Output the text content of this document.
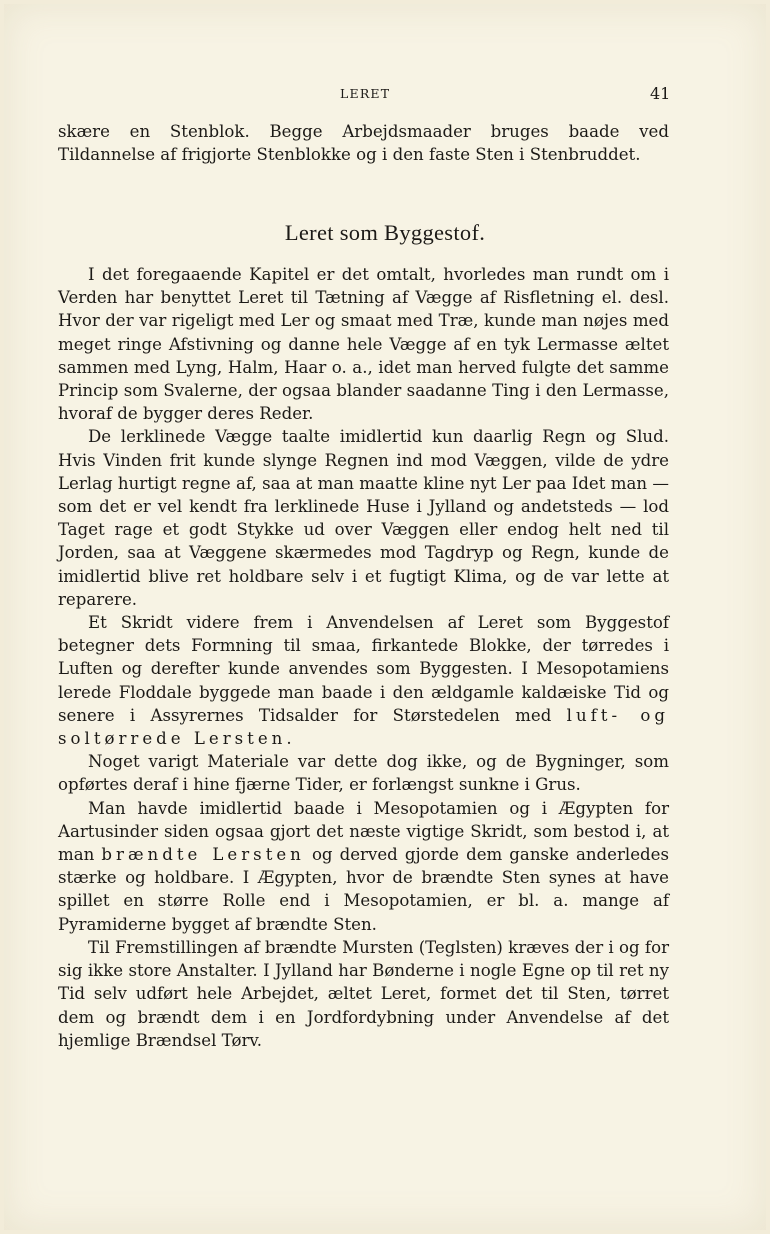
LERET	41

skære en Stenblok. Begge Arbejdsmaader bruges baade ved Tildannelse af frigjorte Stenblokke og i den faste Sten i Stenbruddet.

Leret som Byggestof.

I det foregaaende Kapitel er det omtalt, hvorledes man rundt om i Verden har benyttet Leret til Tætning af Vægge af Risfletning el. desl. Hvor der var rigeligt med Ler og smaat med Træ, kunde man nøjes med meget ringe Afstivning og danne hele Vægge af en tyk Lermasse æltet sammen med Lyng, Halm, Haar o. a., idet man herved fulgte det samme Princip som Svalerne, der ogsaa blander saadanne Ting i den Lermasse, hvoraf de bygger deres Reder.

De lerklinede Vægge taalte imidlertid kun daarlig Regn og Slud. Hvis Vinden frit kunde slynge Regnen ind mod Væggen, vilde de ydre Lerlag hurtigt regne af, saa at man maatte kline nyt Ler paa Idet man — som det er vel kendt fra lerklinede Huse i Jylland og andetsteds — lod Taget rage et godt Stykke ud over Væggen eller endog helt ned til Jorden, saa at Væggene skærmedes mod Tagdryp og Regn, kunde de imidlertid blive ret holdbare selv i et fugtigt Klima, og de var lette at reparere.

Et Skridt videre frem i Anvendelsen af Leret som Byggestof betegner dets Formning til smaa, firkantede Blokke, der tørredes i Luften og derefter kunde anvendes som Byggesten. I Mesopotamiens lerede Floddale byggede man baade i den ældgamle kaldæiske Tid og senere i Assyrernes Tidsalder for Størstedelen med luft- og soltørrede Lersten.

Noget varigt Materiale var dette dog ikke, og de Bygninger, som opførtes deraf i hine fjærne Tider, er forlængst sunkne i Grus.

Man havde imidlertid baade i Mesopotamien og i Ægypten for Aartusinder siden ogsaa gjort det næste vigtige Skridt, som bestod i, at man brændte Lersten og derved gjorde dem ganske anderledes stærke og holdbare. I Ægypten, hvor de brændte Sten synes at have spillet en større Rolle end i Mesopotamien, er bl. a. mange af Pyramiderne bygget af brændte Sten.

Til Fremstillingen af brændte Mursten (Teglsten) kræves der i og for sig ikke store Anstalter. I Jylland har Bønderne i nogle Egne op til ret ny Tid selv udført hele Arbejdet, æltet Leret, formet det til Sten, tørret dem og brændt dem i en Jordfordybning under Anvendelse af det hjemlige Brændsel Tørv.
